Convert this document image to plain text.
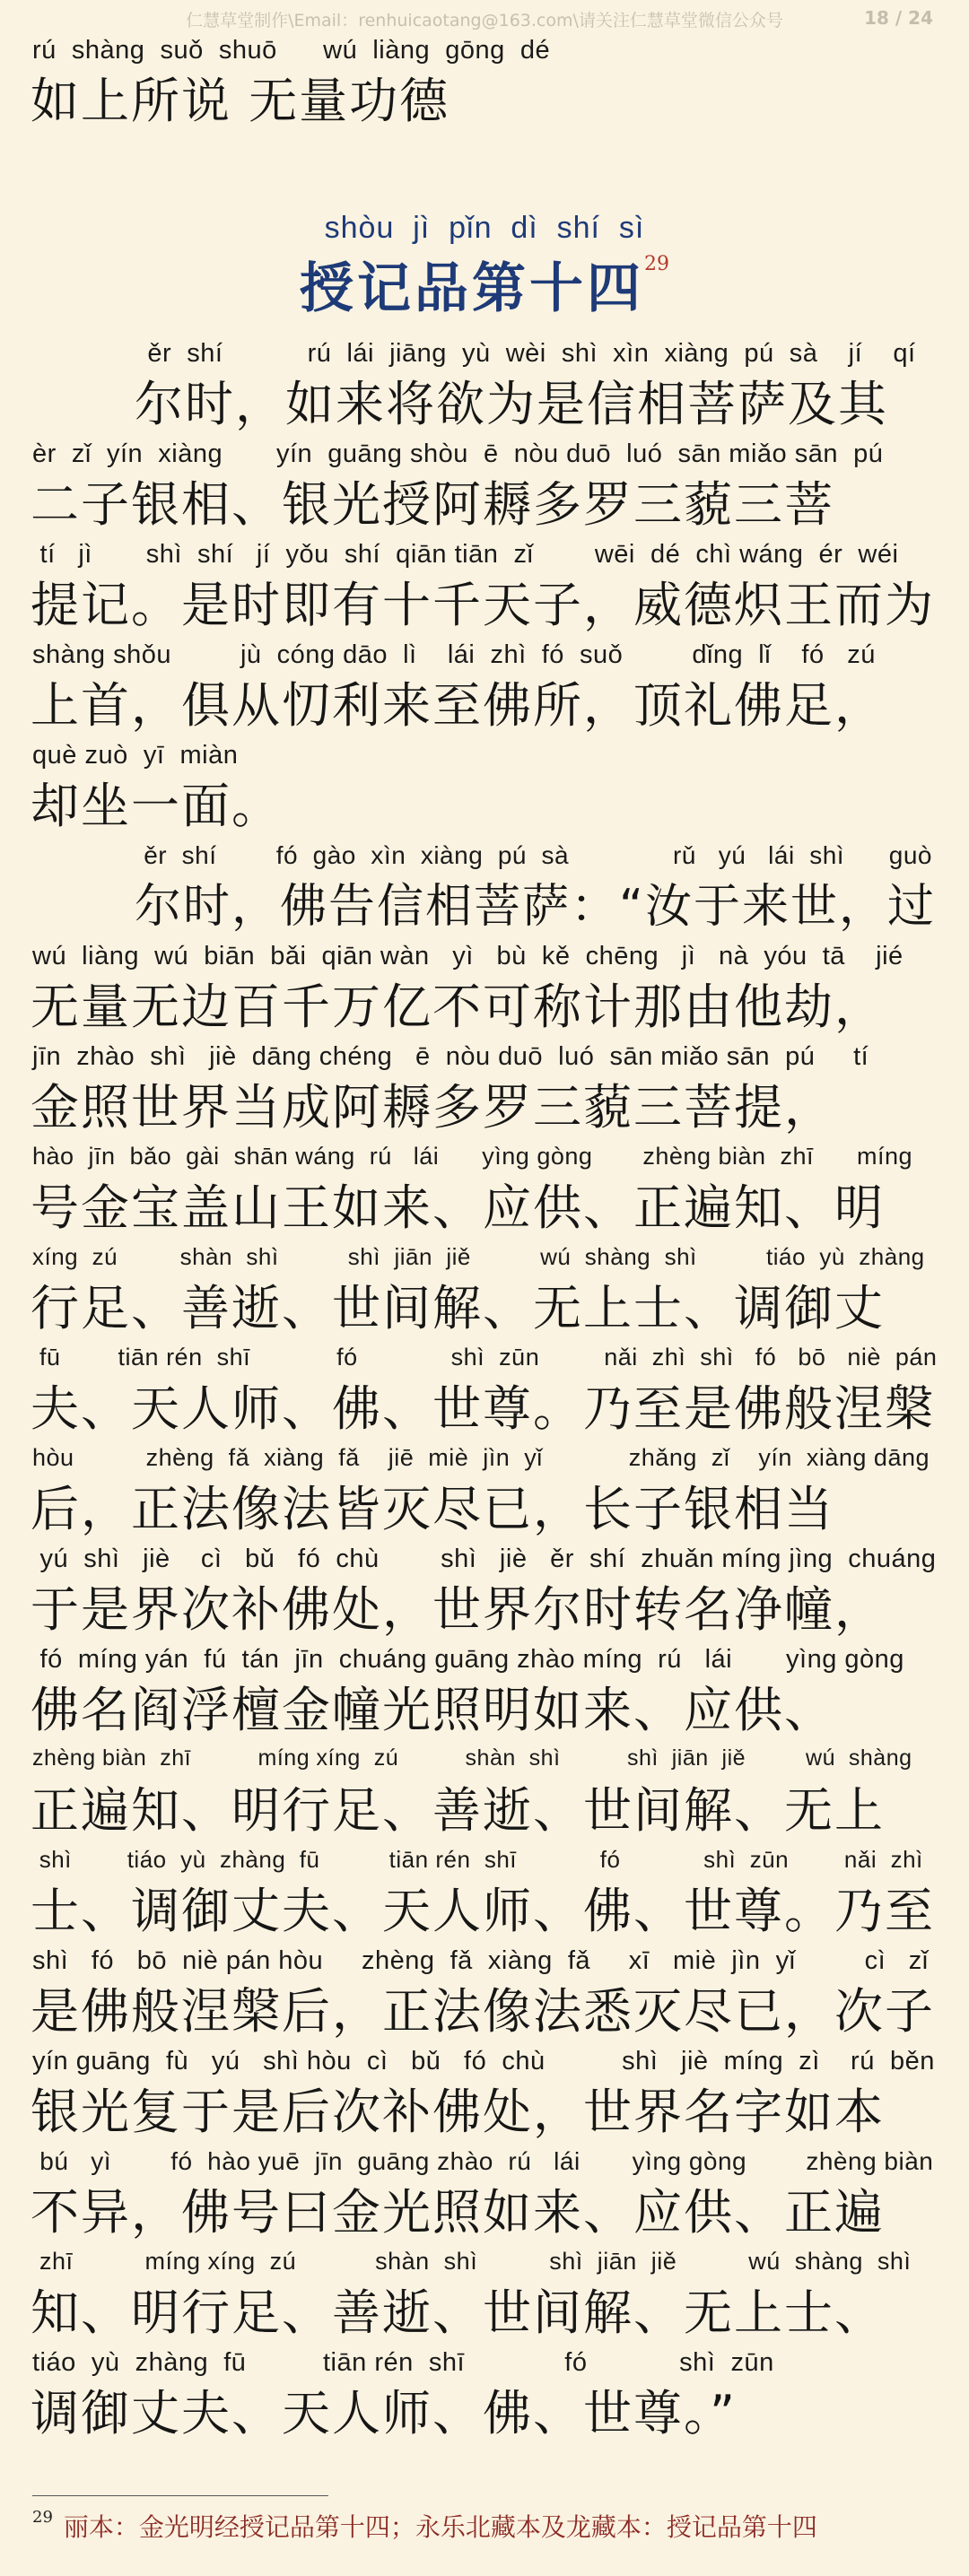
仁慧草堂制作\Email：renhuicaotang@163.com\请关注仁慧草堂微信公众号	18 / 24
rú  shàng  suǒ  shuō      wú  liàng  gōng  dé
如上所说 无量功德
ěr  shí           rú  lái  jiāng  yù  wèi  shì  xìn  xiàng  pú  sà    jí    qí
尔时，如来将欲为是信相菩萨及其
èr  zǐ  yín  xiàng       yín  guāng shòu  ē  nòu duō  luó  sān miǎo sān  pú
二子银相、银光授阿耨多罗三藐三菩
tí   jì       shì  shí   jí  yǒu  shí  qiān tiān  zǐ        wēi  dé  chì wáng  ér  wéi
提记。是时即有十千天子，威德炽王而为
shàng shǒu         jù  cóng dāo  lì    lái  zhì  fó  suǒ         dǐng  lǐ    fó   zú
上首，俱从忉利来至佛所，顶礼佛足，
què zuò  yī  miàn
却坐一面。
ěr  shí        fó  gào  xìn  xiàng  pú  sà              rǔ   yú   lái  shì      guò
尔时，佛告信相菩萨：“汝于来世，过
wú  liàng  wú  biān  bǎi  qiān wàn   yì   bù  kě  chēng   jì   nà  yóu  tā    jié
无量无边百千万亿不可称计那由他劫，
jīn  zhào  shì   jiè  dāng chéng   ē  nòu duō  luó  sān miǎo sān  pú     tí
金照世界当成阿耨多罗三藐三菩提，
hào  jīn  bǎo  gài  shān wáng  rú   lái      yìng gòng       zhèng biàn  zhī      míng
号金宝盖山王如来、应供、正遍知、明
xíng  zú         shàn  shì          shì  jiān  jiě          wú  shàng  shì          tiáo  yù  zhàng
行足、善逝、世间解、无上士、调御丈
fū        tiān rén  shī            fó             shì  zūn         nǎi  zhì  shì   fó   bō   niè  pán
夫、天人师、佛、世尊。乃至是佛般涅槃
hòu          zhèng  fǎ  xiàng  fǎ    jiē  miè  jìn  yǐ            zhǎng  zǐ    yín  xiàng dāng
后，正法像法皆灭尽已，长子银相当
yú  shì   jiè    cì   bǔ   fó  chù        shì   jiè   ěr  shí  zhuǎn míng jìng  chuáng
于是界次补佛处，世界尔时转名净幢，
fó  míng yán  fú  tán  jīn  chuáng guāng zhào míng  rú   lái       yìng gòng
佛名阎浮檀金幢光照明如来、应供、
zhèng biàn  zhī          míng xíng  zú          shàn  shì          shì  jiān  jiě         wú  shàng
正遍知、明行足、善逝、世间解、无上
shì        tiáo  yù  zhàng  fū          tiān rén  shī            fó            shì  zūn        nǎi  zhì
士、调御丈夫、天人师、佛、世尊。乃至
shì   fó   bō  niè pán hòu     zhèng  fǎ  xiàng  fǎ     xī   miè  jìn  yǐ         cì   zǐ
是佛般涅槃后，正法像法悉灭尽已，次子
yín guāng  fù   yú   shì hòu  cì   bǔ   fó  chù          shì   jiè  míng  zì    rú  běn
银光复于是后次补佛处，世界名字如本
bú   yì        fó  hào yuē  jīn  guāng zhào  rú   lái       yìng gòng        zhèng biàn
不异，佛号曰金光照如来、应供、正遍
zhī          míng xíng  zú           shàn  shì          shì  jiān  jiě          wú  shàng  shì
知、明行足、善逝、世间解、无上士、
tiáo  yù  zhàng  fū          tiān rén  shī             fó            shì  zūn
调御丈夫、天人师、佛、世尊。”
shòu  jì  pǐn  dì  shí  sì
授记品第十四$^{29}$
$^{29}$ 丽本：金光明经授记品第十四；永乐北藏本及龙藏本：授记品第十四
